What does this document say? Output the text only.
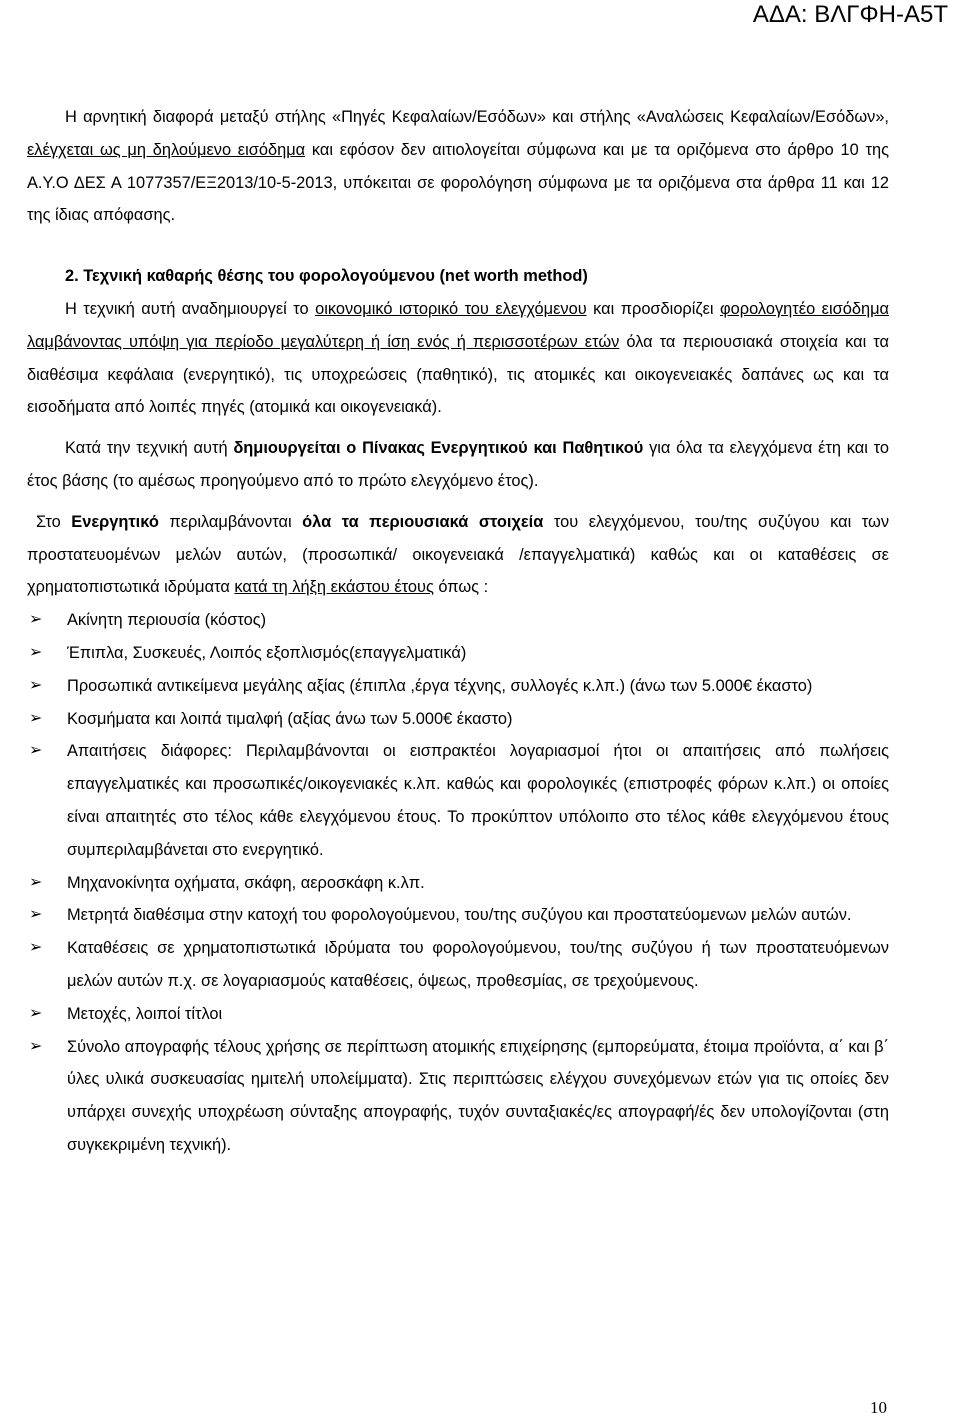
ΑΔΑ: ΒΛΓΦΗ-Α5Τ

Η αρνητική διαφορά μεταξύ στήλης «Πηγές Κεφαλαίων/Εσόδων» και στήλης «Αναλώσεις Κεφαλαίων/Εσόδων», ελέγχεται ως μη δηλούμενο εισόδημα και εφόσον δεν αιτιολογείται σύμφωνα και με τα οριζόμενα στο άρθρο 10 της Α.Υ.Ο ΔΕΣ Α 1077357/ΕΞ2013/10-5-2013, υπόκειται σε φορολόγηση σύμφωνα με τα οριζόμενα στα άρθρα 11 και 12 της ίδιας απόφασης.

2. Τεχνική καθαρής θέσης του φορολογούμενου (net worth method)

Η τεχνική αυτή αναδημιουργεί το οικονομικό ιστορικό του ελεγχόμενου και προσδιορίζει φορολογητέο εισόδημα λαμβάνοντας υπόψη για περίοδο μεγαλύτερη ή ίση ενός ή περισσοτέρων ετών όλα τα περιουσιακά στοιχεία και τα διαθέσιμα κεφάλαια (ενεργητικό), τις υποχρεώσεις (παθητικό), τις ατομικές και οικογενειακές δαπάνες ως και τα εισοδήματα από λοιπές πηγές (ατομικά και οικογενειακά).

Κατά την τεχνική αυτή δημιουργείται ο Πίνακας Ενεργητικού και Παθητικού για όλα τα ελεγχόμενα έτη και το έτος βάσης (το αμέσως προηγούμενο από το πρώτο ελεγχόμενο έτος).

Στο Ενεργητικό περιλαμβάνονται όλα τα περιουσιακά στοιχεία του ελεγχόμενου, του/της συζύγου και των προστατευομένων μελών αυτών, (προσωπικά/ οικογενειακά /επαγγελματικά) καθώς και οι καταθέσεις σε χρηματοπιστωτικά ιδρύματα κατά τη λήξη εκάστου έτους όπως :

➢ Ακίνητη περιουσία (κόστος)
➢ Έπιπλα, Συσκευές, Λοιπός εξοπλισμός(επαγγελματικά)
➢ Προσωπικά αντικείμενα μεγάλης αξίας (έπιπλα ,έργα τέχνης, συλλογές κ.λπ.) (άνω των 5.000€ έκαστο)
➢ Κοσμήματα και λοιπά τιμαλφή (αξίας άνω των 5.000€ έκαστο)
➢ Απαιτήσεις διάφορες: Περιλαμβάνονται οι εισπρακτέοι λογαριασμοί ήτοι οι απαιτήσεις από πωλήσεις επαγγελματικές και προσωπικές/οικογενιακές κ.λπ. καθώς και φορολογικές (επιστροφές φόρων κ.λπ.) οι οποίες είναι απαιτητές στο τέλος κάθε ελεγχόμενου έτους. Το προκύπτον υπόλοιπο στο τέλος κάθε ελεγχόμενου έτους συμπεριλαμβάνεται στο ενεργητικό.
➢ Μηχανοκίνητα οχήματα, σκάφη, αεροσκάφη κ.λπ.
➢ Μετρητά διαθέσιμα στην κατοχή του φορολογούμενου, του/της συζύγου και προστατεύομενων μελών αυτών.
➢ Καταθέσεις σε χρηματοπιστωτικά ιδρύματα του φορολογούμενου, του/της συζύγου ή των προστατευόμενων μελών αυτών π.χ. σε λογαριασμούς καταθέσεις, όψεως, προθεσμίας, σε τρεχούμενους.
➢ Μετοχές, λοιποί τίτλοι
➢ Σύνολο απογραφής τέλους χρήσης σε περίπτωση ατομικής επιχείρησης (εμπορεύματα, έτοιμα προϊόντα, α΄ και β΄ ύλες υλικά συσκευασίας ημιτελή υπολείμματα). Στις περιπτώσεις ελέγχου συνεχόμενων ετών για τις οποίες δεν υπάρχει συνεχής υποχρέωση σύνταξης απογραφής, τυχόν συνταξιακές/ες απογραφή/ές δεν υπολογίζονται (στη συγκεκριμένη τεχνική).
10
